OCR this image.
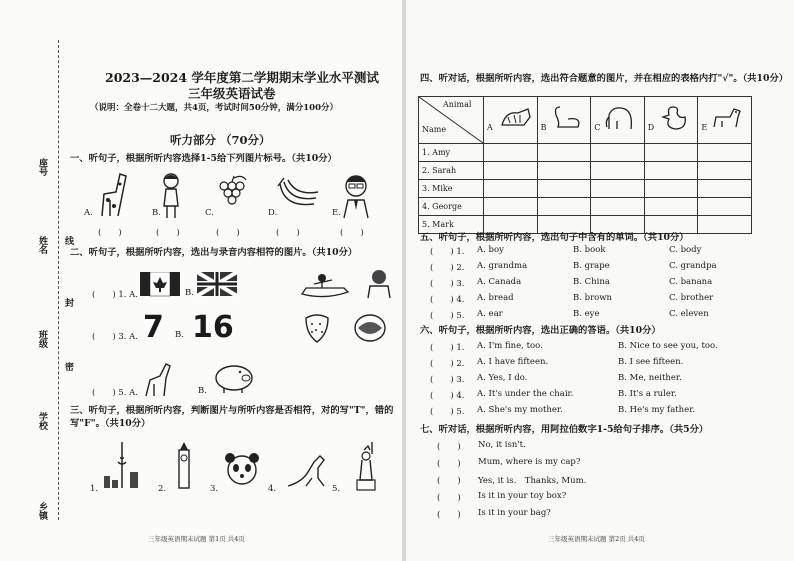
座号
姓名 线
封
班级
密
学校
乡镇
2023—2024 学年度第二学期期末学业水平测试
三年级英语试卷
（说明：全卷十二大题，共4页，考试时间50分钟，满分100分）
听力部分 （70分）
一、听句子，根据所听内容选择1-5给下列图片标号。（共10分）
A.	B.	C.	D.	E.
(　　)	(　　)	(　　)	(　　)	(　　)
二、听句子，根据所听内容，选出与录音内容相符的图片。（共10分）
(　　) 1. A.	B.
(　　) 3. A. 7 B. 16
(　　) 5. A.	B.
三、听句子，根据所听内容，判断图片与所听内容是否相符，对的写"T"，错的写"F"。（共10分）
1.	2.	3.	4.	5.
三年级英语期末试题 第1页 共4页
四、听对话，根据所听内容，选出符合题意的图片，并在相应的表格内打"√"。（共10分）
Animal
Name	A	B	C	D	E

1. Amy					
2. Sarah					
3. Mike					
4. George					
5. Mark					
五、听句子，根据所听内容，选出句子中含有的单词。（共10分）
(　　) 1. A. boy	B. book	C. body
(　　) 2. A. grandma	B. grape	C. grandpa
(　　) 3. A. Canada	B. China	C. banana
(　　) 4. A. bread	B. brown	C. brother
(　　) 5. A. ear	B. eye	C. eleven
六、听句子，根据所听内容，选出正确的答语。（共10分）
(　　) 1. A. I'm fine, too.	B. Nice to see you, too.
(　　) 2. A. I have fifteen.	B. I see fifteen.
(　　) 3. A. Yes, I do.	B. Me, neither.
(　　) 4. A. It's under the chair.	B. It's a ruler.
(　　) 5. A. She's my mother.	B. He's my father.
七、听对话，根据所听内容，用阿拉伯数字1-5给句子排序。（共5分）
(　　) No, it isn't.
(　　) Mum, where is my cap?
(　　) Yes, it is.　Thanks, Mum.
(　　) Is it in your toy box?
(　　) Is it in your bag?
三年级英语期末试题 第2页 共4页
